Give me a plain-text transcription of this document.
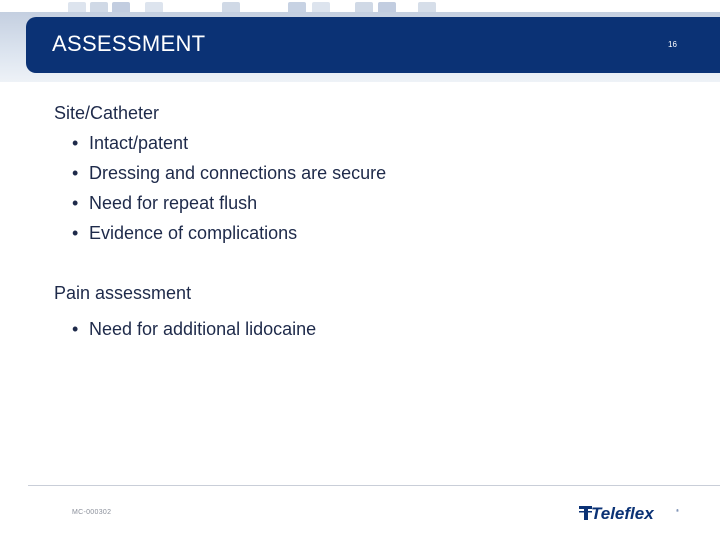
ASSESSMENT	16
Site/Catheter
• Intact/patent
• Dressing and connections are secure
• Need for repeat flush
• Evidence of complications
Pain assessment
• Need for additional lidocaine
MC-000302	Teleflex	®
